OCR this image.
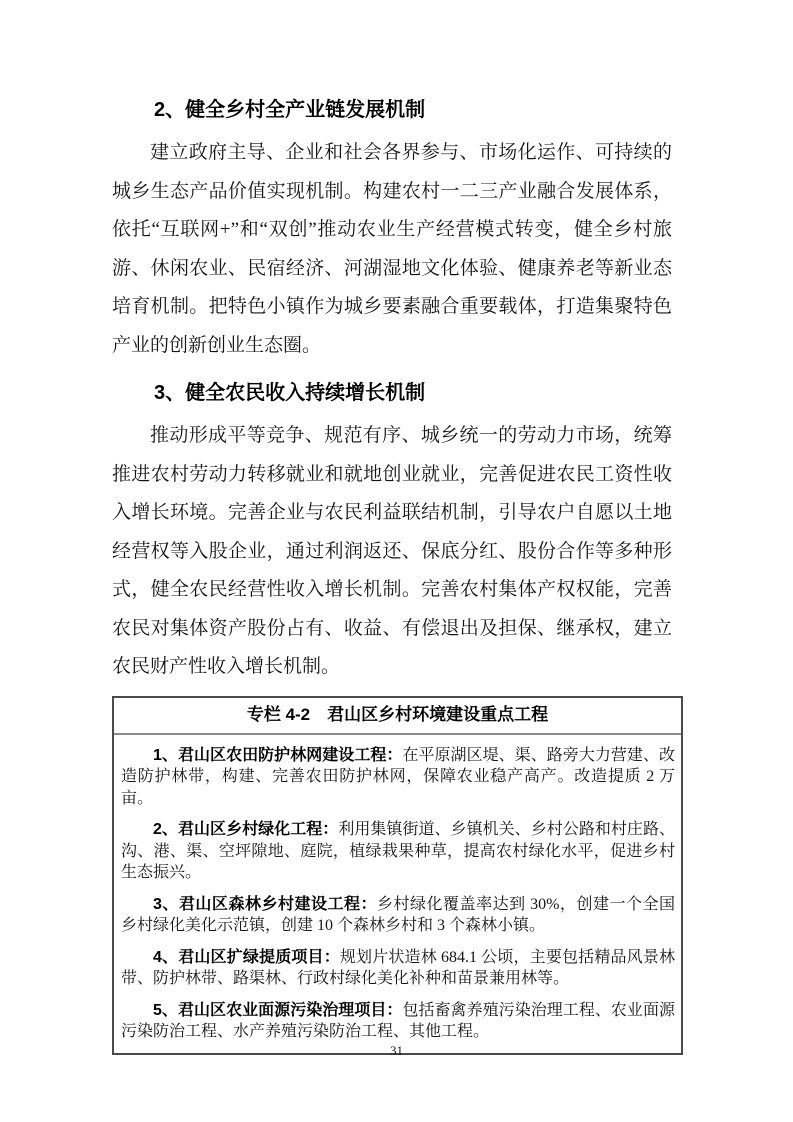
2、健全乡村全产业链发展机制

建立政府主导、企业和社会各界参与、市场化运作、可持续的城乡生态产品价值实现机制。构建农村一二三产业融合发展体系，依托“互联网+”和“双创”推动农业生产经营模式转变，健全乡村旅游、休闲农业、民宿经济、河湖湿地文化体验、健康养老等新业态培育机制。把特色小镇作为城乡要素融合重要载体，打造集聚特色产业的创新创业生态圈。

3、健全农民收入持续增长机制

推动形成平等竞争、规范有序、城乡统一的劳动力市场，统筹推进农村劳动力转移就业和就地创业就业，完善促进农民工资性收入增长环境。完善企业与农民利益联结机制，引导农户自愿以土地经营权等入股企业，通过利润返还、保底分红、股份合作等多种形式，健全农民经营性收入增长机制。完善农村集体产权权能，完善农民对集体资产股份占有、收益、有偿退出及担保、继承权，建立农民财产性收入增长机制。

专栏 4-2　君山区乡村环境建设重点工程

1、君山区农田防护林网建设工程：在平原湖区堤、渠、路旁大力营建、改造防护林带，构建、完善农田防护林网，保障农业稳产高产。改造提质 2 万亩。

2、君山区乡村绿化工程：利用集镇街道、乡镇机关、乡村公路和村庄路、沟、港、渠、空坪隙地、庭院，植绿栽果种草，提高农村绿化水平，促进乡村生态振兴。

3、君山区森林乡村建设工程：乡村绿化覆盖率达到 30%，创建一个全国乡村绿化美化示范镇，创建 10 个森林乡村和 3 个森林小镇。

4、君山区扩绿提质项目：规划片状造林 684.1 公顷，主要包括精品风景林带、防护林带、路渠林、行政村绿化美化补种和苗景兼用林等。

5、君山区农业面源污染治理项目：包括畜禽养殖污染治理工程、农业面源污染防治工程、水产养殖污染防治工程、其他工程。

31
